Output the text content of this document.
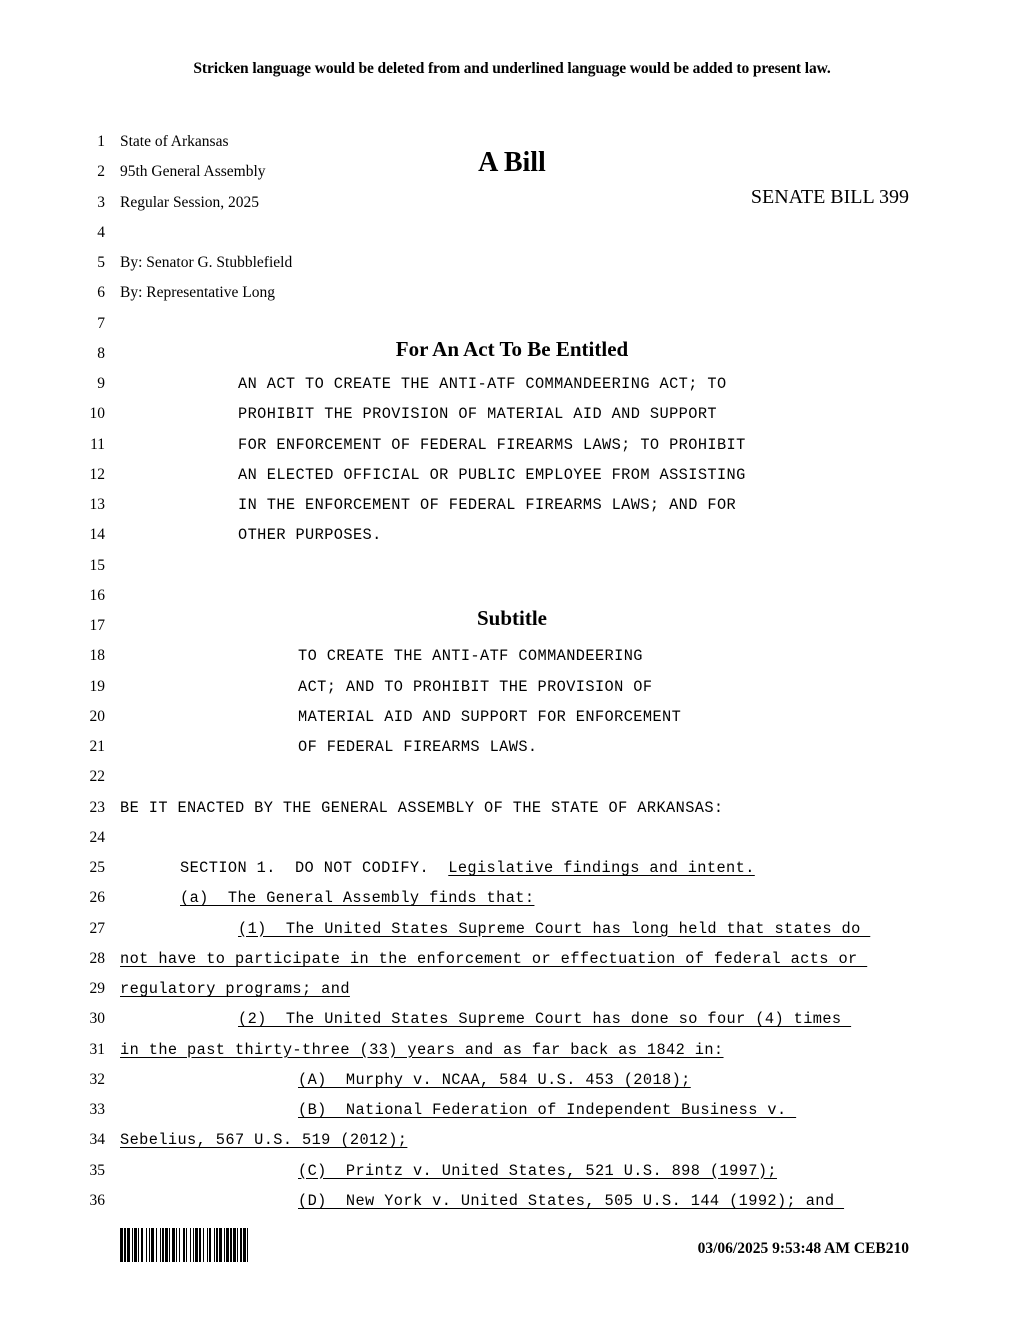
Stricken language would be deleted from and underlined language would be added to present law.
A Bill
SENATE BILL 399
For An Act To Be Entitled
Subtitle
1
2
3
4
5
6
7
8
9
10
11
12
13
14
15
16
17
18
19
20
21
22
23
24
25
26
27
28
29
30
31
32
33
34
35
36
State of Arkansas
95th General Assembly
Regular Session, 2025
By: Senator G. Stubblefield
By: Representative Long
AN ACT TO CREATE THE ANTI-ATF COMMANDEERING ACT; TO
PROHIBIT THE PROVISION OF MATERIAL AID AND SUPPORT
FOR ENFORCEMENT OF FEDERAL FIREARMS LAWS; TO PROHIBIT
AN ELECTED OFFICIAL OR PUBLIC EMPLOYEE FROM ASSISTING
IN THE ENFORCEMENT OF FEDERAL FIREARMS LAWS; AND FOR
OTHER PURPOSES.
TO CREATE THE ANTI-ATF COMMANDEERING
ACT; AND TO PROHIBIT THE PROVISION OF
MATERIAL AID AND SUPPORT FOR ENFORCEMENT
OF FEDERAL FIREARMS LAWS.
BE IT ENACTED BY THE GENERAL ASSEMBLY OF THE STATE OF ARKANSAS:
SECTION 1.  DO NOT CODIFY.  Legislative findings and intent.
(a)  The General Assembly finds that:
(1)  The United States Supreme Court has long held that states do
not have to participate in the enforcement or effectuation of federal acts or
regulatory programs; and
(2)  The United States Supreme Court has done so four (4) times
in the past thirty-three (33) years and as far back as 1842 in:
(A)  Murphy v. NCAA, 584 U.S. 453 (2018);
(B)  National Federation of Independent Business v.
Sebelius, 567 U.S. 519 (2012);
(C)  Printz v. United States, 521 U.S. 898 (1997);
(D)  New York v. United States, 505 U.S. 144 (1992); and
03/06/2025 9:53:48 AM CEB210
